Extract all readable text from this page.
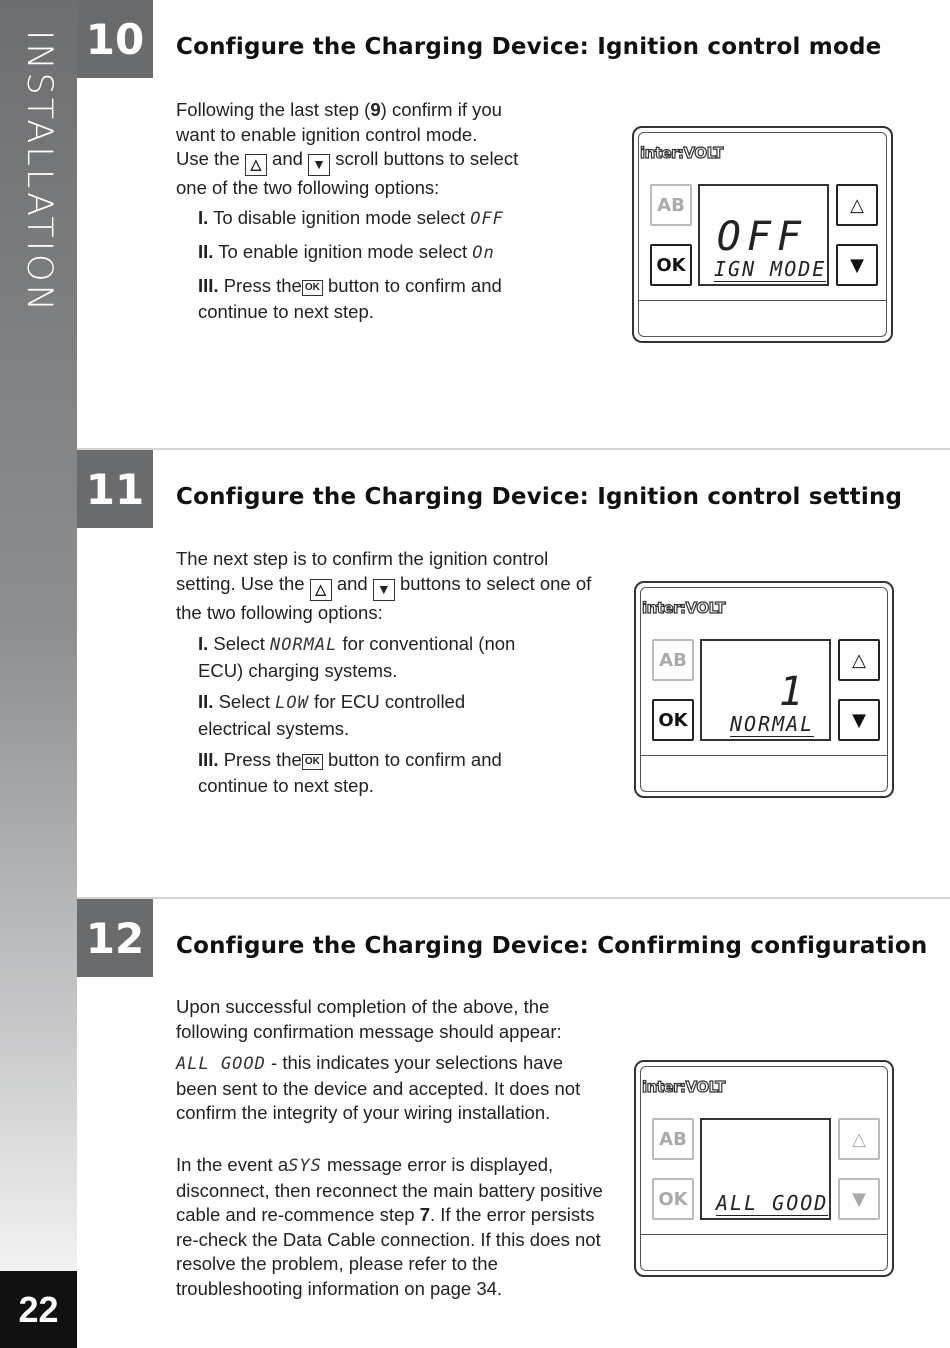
INSTALLATION
22
10	Configure the Charging Device: Ignition control mode
Following the last step (9) confirm if you want to enable ignition control mode.
Use the △ and ▼ scroll buttons to select one of the two following options:
I. To disable ignition mode select OFF
II. To enable ignition mode select On
III. Press the OK button to confirm and continue to next step.
inter:VOLT
AB
OK
OFF
IGN MODE
△
▼
11	Configure the Charging Device: Ignition control setting
The next step is to confirm the ignition control setting. Use the △ and ▼ buttons to select one of the two following options:
I. Select NORMAL for conventional (non ECU) charging systems.
II. Select LOW for ECU controlled electrical systems.
III. Press the OK button to confirm and continue to next step.
inter:VOLT
AB
OK
1
NORMAL
△
▼
12	Configure the Charging Device: Confirming configuration
Upon successful completion of the above, the following confirmation message should appear:
ALL GOOD - this indicates your selections have been sent to the device and accepted. It does not confirm the integrity of your wiring installation.
In the event aSYS message error is displayed, disconnect, then reconnect the main battery positive cable and re-commence step 7. If the error persists re-check the Data Cable connection. If this does not resolve the problem, please refer to the troubleshooting information on page 34.
inter:VOLT
AB
OK	ALL GOOD
△
▼
